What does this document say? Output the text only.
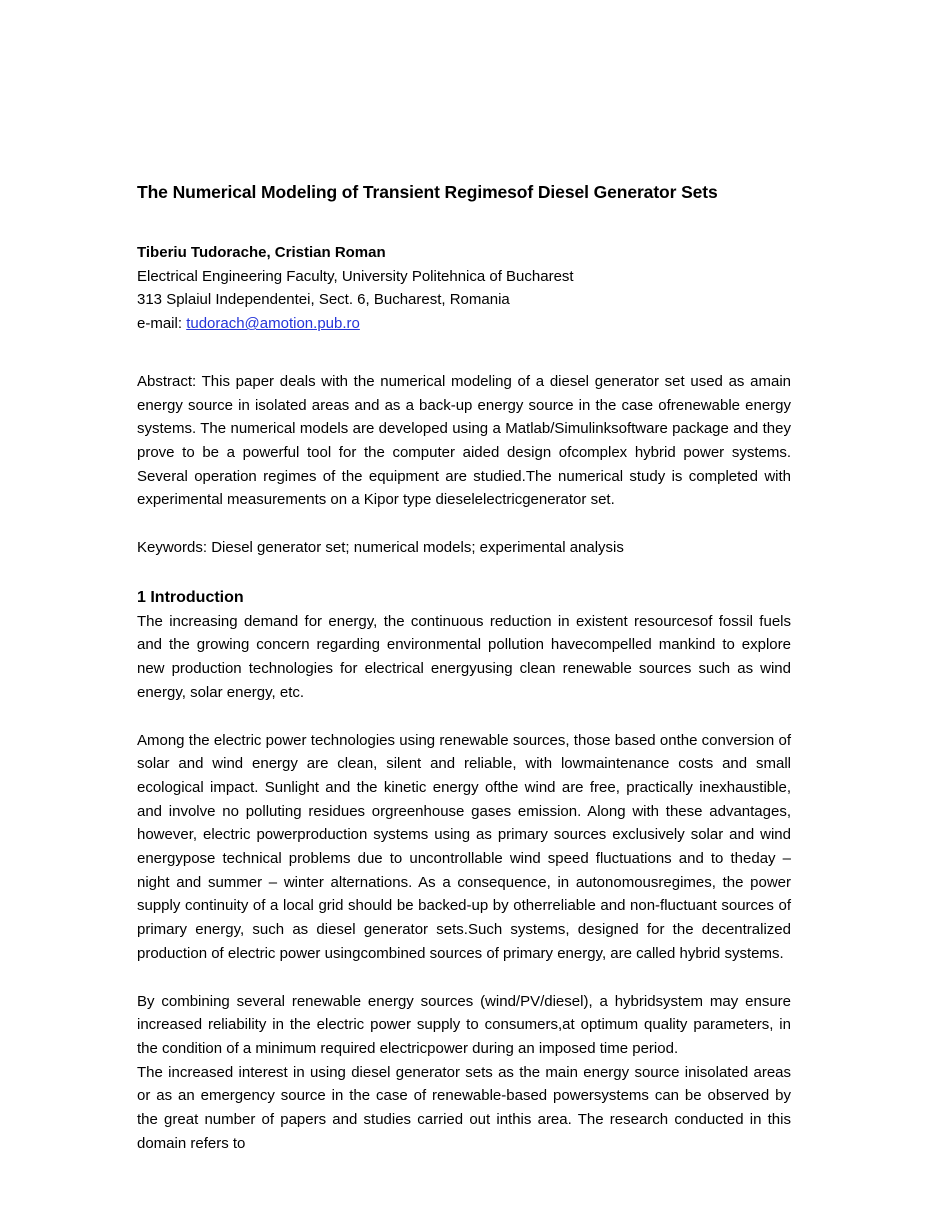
The Numerical Modeling of Transient Regimesof Diesel Generator Sets
Tiberiu Tudorache, Cristian Roman
Electrical Engineering Faculty, University Politehnica of Bucharest
313 Splaiul Independentei, Sect. 6, Bucharest, Romania
e-mail: tudorach@amotion.pub.ro

Abstract: This paper deals with the numerical modeling of a diesel generator set used as amain energy source in isolated areas and as a back-up energy source in the case ofrenewable energy systems. The numerical models are developed using a Matlab/Simulinksoftware package and they prove to be a powerful tool for the computer aided design ofcomplex hybrid power systems. Several operation regimes of the equipment are studied.The numerical study is completed with experimental measurements on a Kipor type dieselelectricgenerator set.

Keywords: Diesel generator set; numerical models; experimental analysis

1 Introduction

The increasing demand for energy, the continuous reduction in existent resourcesof fossil fuels and the growing concern regarding environmental pollution havecompelled mankind to explore new production technologies for electrical energyusing clean renewable sources such as wind energy, solar energy, etc.

Among the electric power technologies using renewable sources, those based onthe conversion of solar and wind energy are clean, silent and reliable, with lowmaintenance costs and small ecological impact. Sunlight and the kinetic energy ofthe wind are free, practically inexhaustible, and involve no polluting residues orgreenhouse gases emission. Along with these advantages, however, electric powerproduction systems using as primary sources exclusively solar and wind energypose technical problems due to uncontrollable wind speed fluctuations and to theday – night and summer – winter alternations. As a consequence, in autonomousregimes, the power supply continuity of a local grid should be backed-up by otherreliable and non-fluctuant sources of primary energy, such as diesel generator sets.Such systems, designed for the decentralized production of electric power usingcombined sources of primary energy, are called hybrid systems.

By combining several renewable energy sources (wind/PV/diesel), a hybridsystem may ensure increased reliability in the electric power supply to consumers,at optimum quality parameters, in the condition of a minimum required electricpower during an imposed time period.

The increased interest in using diesel generator sets as the main energy source inisolated areas or as an emergency source in the case of renewable-based powersystems can be observed by the great number of papers and studies carried out inthis area. The research conducted in this domain refers to
